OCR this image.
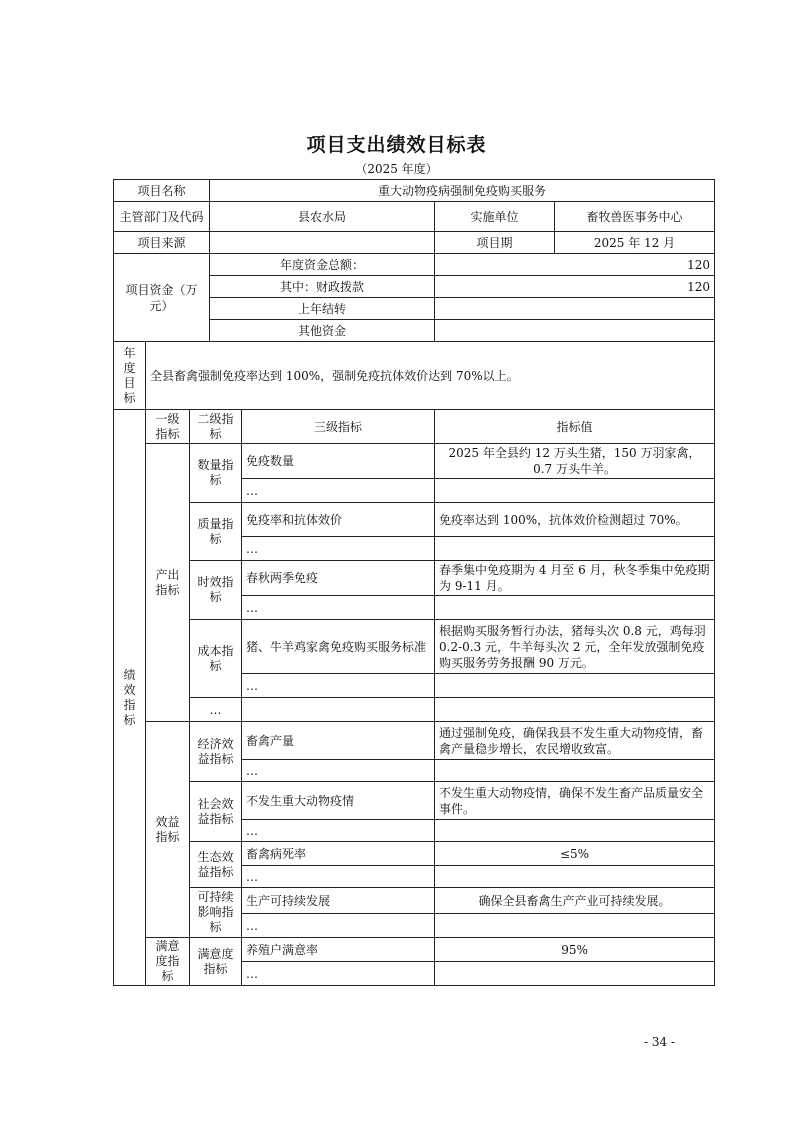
项目支出绩效目标表
（2025 年度）
项目名称			重大动物疫病强制免疫购买服务			
主管部门及代码			县农水局		实施单位	畜牧兽医事务中心
项目来源					项目期	2025 年 12 月
项目资金（万元）			年度资金总额：		120	
			其中：财政拨款		120	
			上年结转			
			其他资金			
年度目标	全县畜禽强制免疫率达到 100%，强制免疫抗体效价达到 70%以上。					
绩效指标	一级指标	二级指标		三级指标	指标值	
	产出指标	数量指标		免疫数量	2025 年全县约 12 万头生猪，150 万羽家禽，0.7 万头牛羊。	
				…		
		质量指标		免疫率和抗体效价	免疫率达到 100%，抗体效价检测超过 70%。	
				…		
		时效指标		春秋两季免疫	春季集中免疫期为 4 月至 6 月，秋冬季集中免疫期为 9-11 月。	
				…		
		成本指标		猪、牛羊鸡家禽免疫购买服务标准	根据购买服务暂行办法，猪每头次 0.8 元，鸡每羽 0.2-0.3 元，牛羊每头次 2 元，全年发放强制免疫购买服务劳务报酬 90 万元。	
				…		
		…				
	效益指标	经济效益指标		畜禽产量	通过强制免疫，确保我县不发生重大动物疫情，畜禽产量稳步增长，农民增收致富。	
				…		
		社会效益指标		不发生重大动物疫情	不发生重大动物疫情，确保不发生畜产品质量安全事件。	
				…		
		生态效益指标		畜禽病死率	≤5%	
				…		
		可持续影响指标		生产可持续发展	确保全县畜禽生产产业可持续发展。	
				…		
	满意度指标	满意度指标		养殖户满意率	95%	
				…		
- 34 -
